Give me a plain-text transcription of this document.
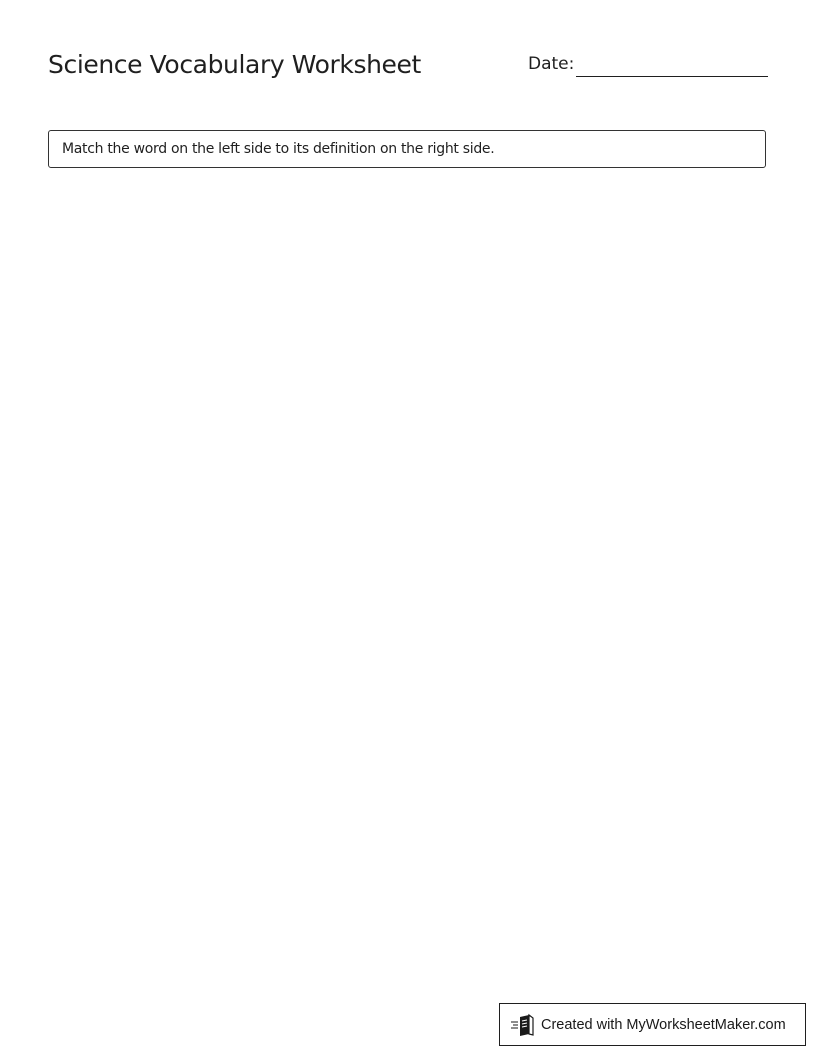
Science Vocabulary Worksheet	Date:
Match the word on the left side to its definition on the right side.
Created with MyWorksheetMaker.com
